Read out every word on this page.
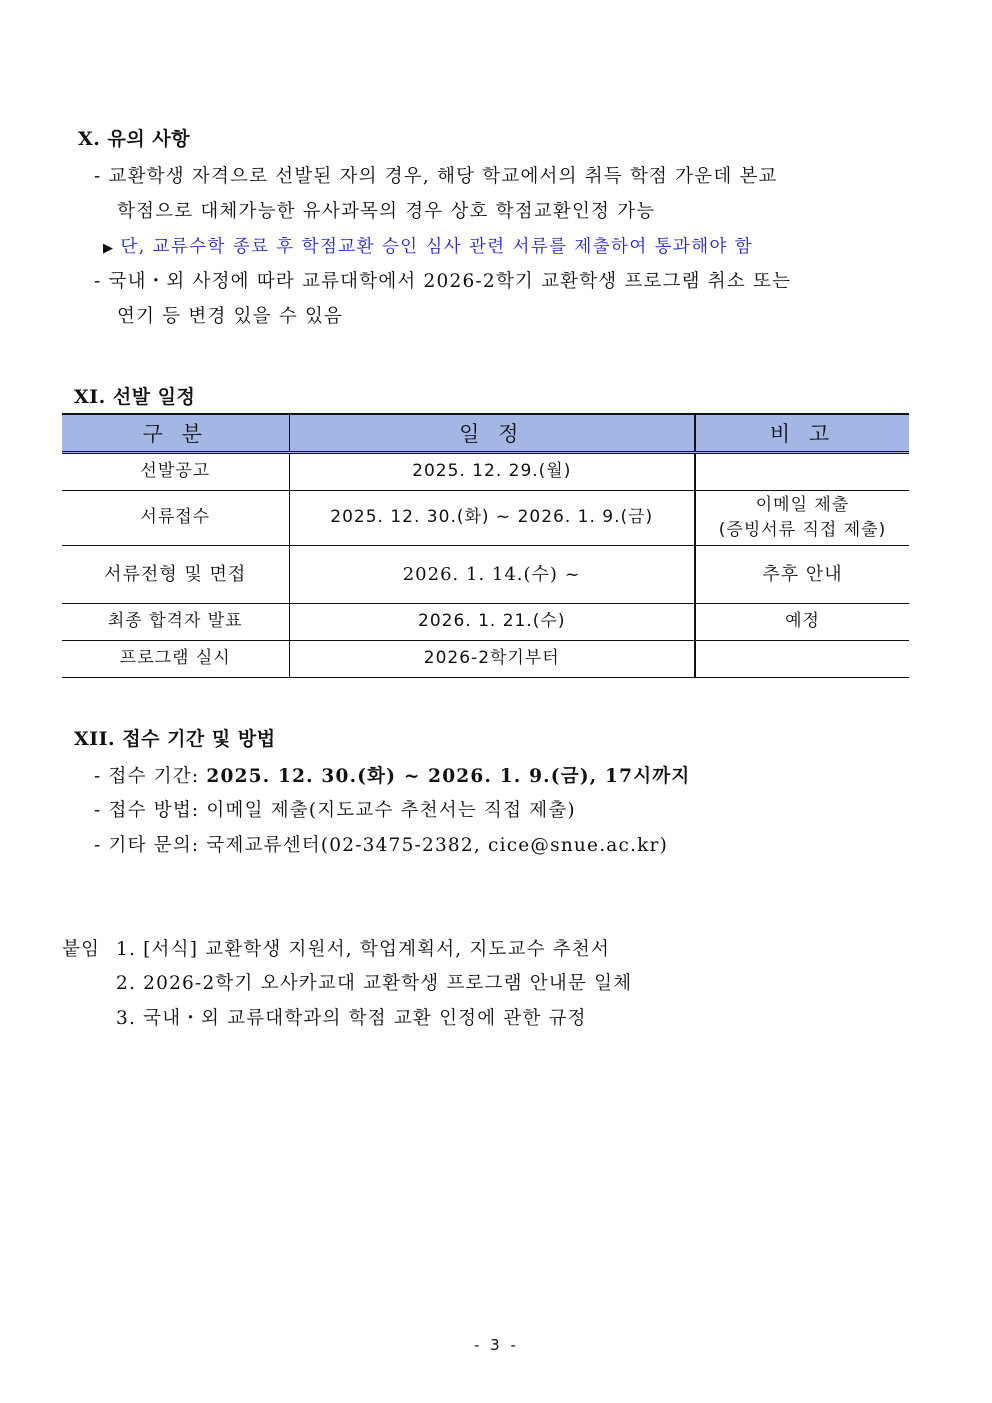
Ⅹ. 유의 사항
- 교환학생 자격으로 선발된 자의 경우, 해당 학교에서의 취득 학점 가운데 본교
학점으로 대체가능한 유사과목의 경우 상호 학점교환인정 가능
▶ 단, 교류수학 종료 후 학점교환 승인 심사 관련 서류를 제출하여 통과해야 함
- 국내・외 사정에 따라 교류대학에서 2026-2학기 교환학생 프로그램 취소 또는
연기 등 변경 있을 수 있음
XI. 선발 일정
구 분	일 정	비 고
선발공고	2025. 12. 29.(월)	
서류접수	2025. 12. 30.(화) ~ 2026. 1. 9.(금)	이메일 제출
(증빙서류 직접 제출)

서류전형 및 면접	2026. 1. 14.(수) ~	추후 안내
최종 합격자 발표	2026. 1. 21.(수)	예정
프로그램 실시	2026-2학기부터	
XII. 접수 기간 및 방법
- 접수 기간: 2025. 12. 30.(화) ~ 2026. 1. 9.(금), 17시까지
- 접수 방법: 이메일 제출(지도교수 추천서는 직접 제출)
- 기타 문의: 국제교류센터(02-3475-2382, cice@snue.ac.kr)
붙임 1. [서식] 교환학생 지원서, 학업계획서, 지도교수 추천서
2. 2026-2학기 오사카교대 교환학생 프로그램 안내문 일체
3. 국내・외 교류대학과의 학점 교환 인정에 관한 규정
- 3 -
